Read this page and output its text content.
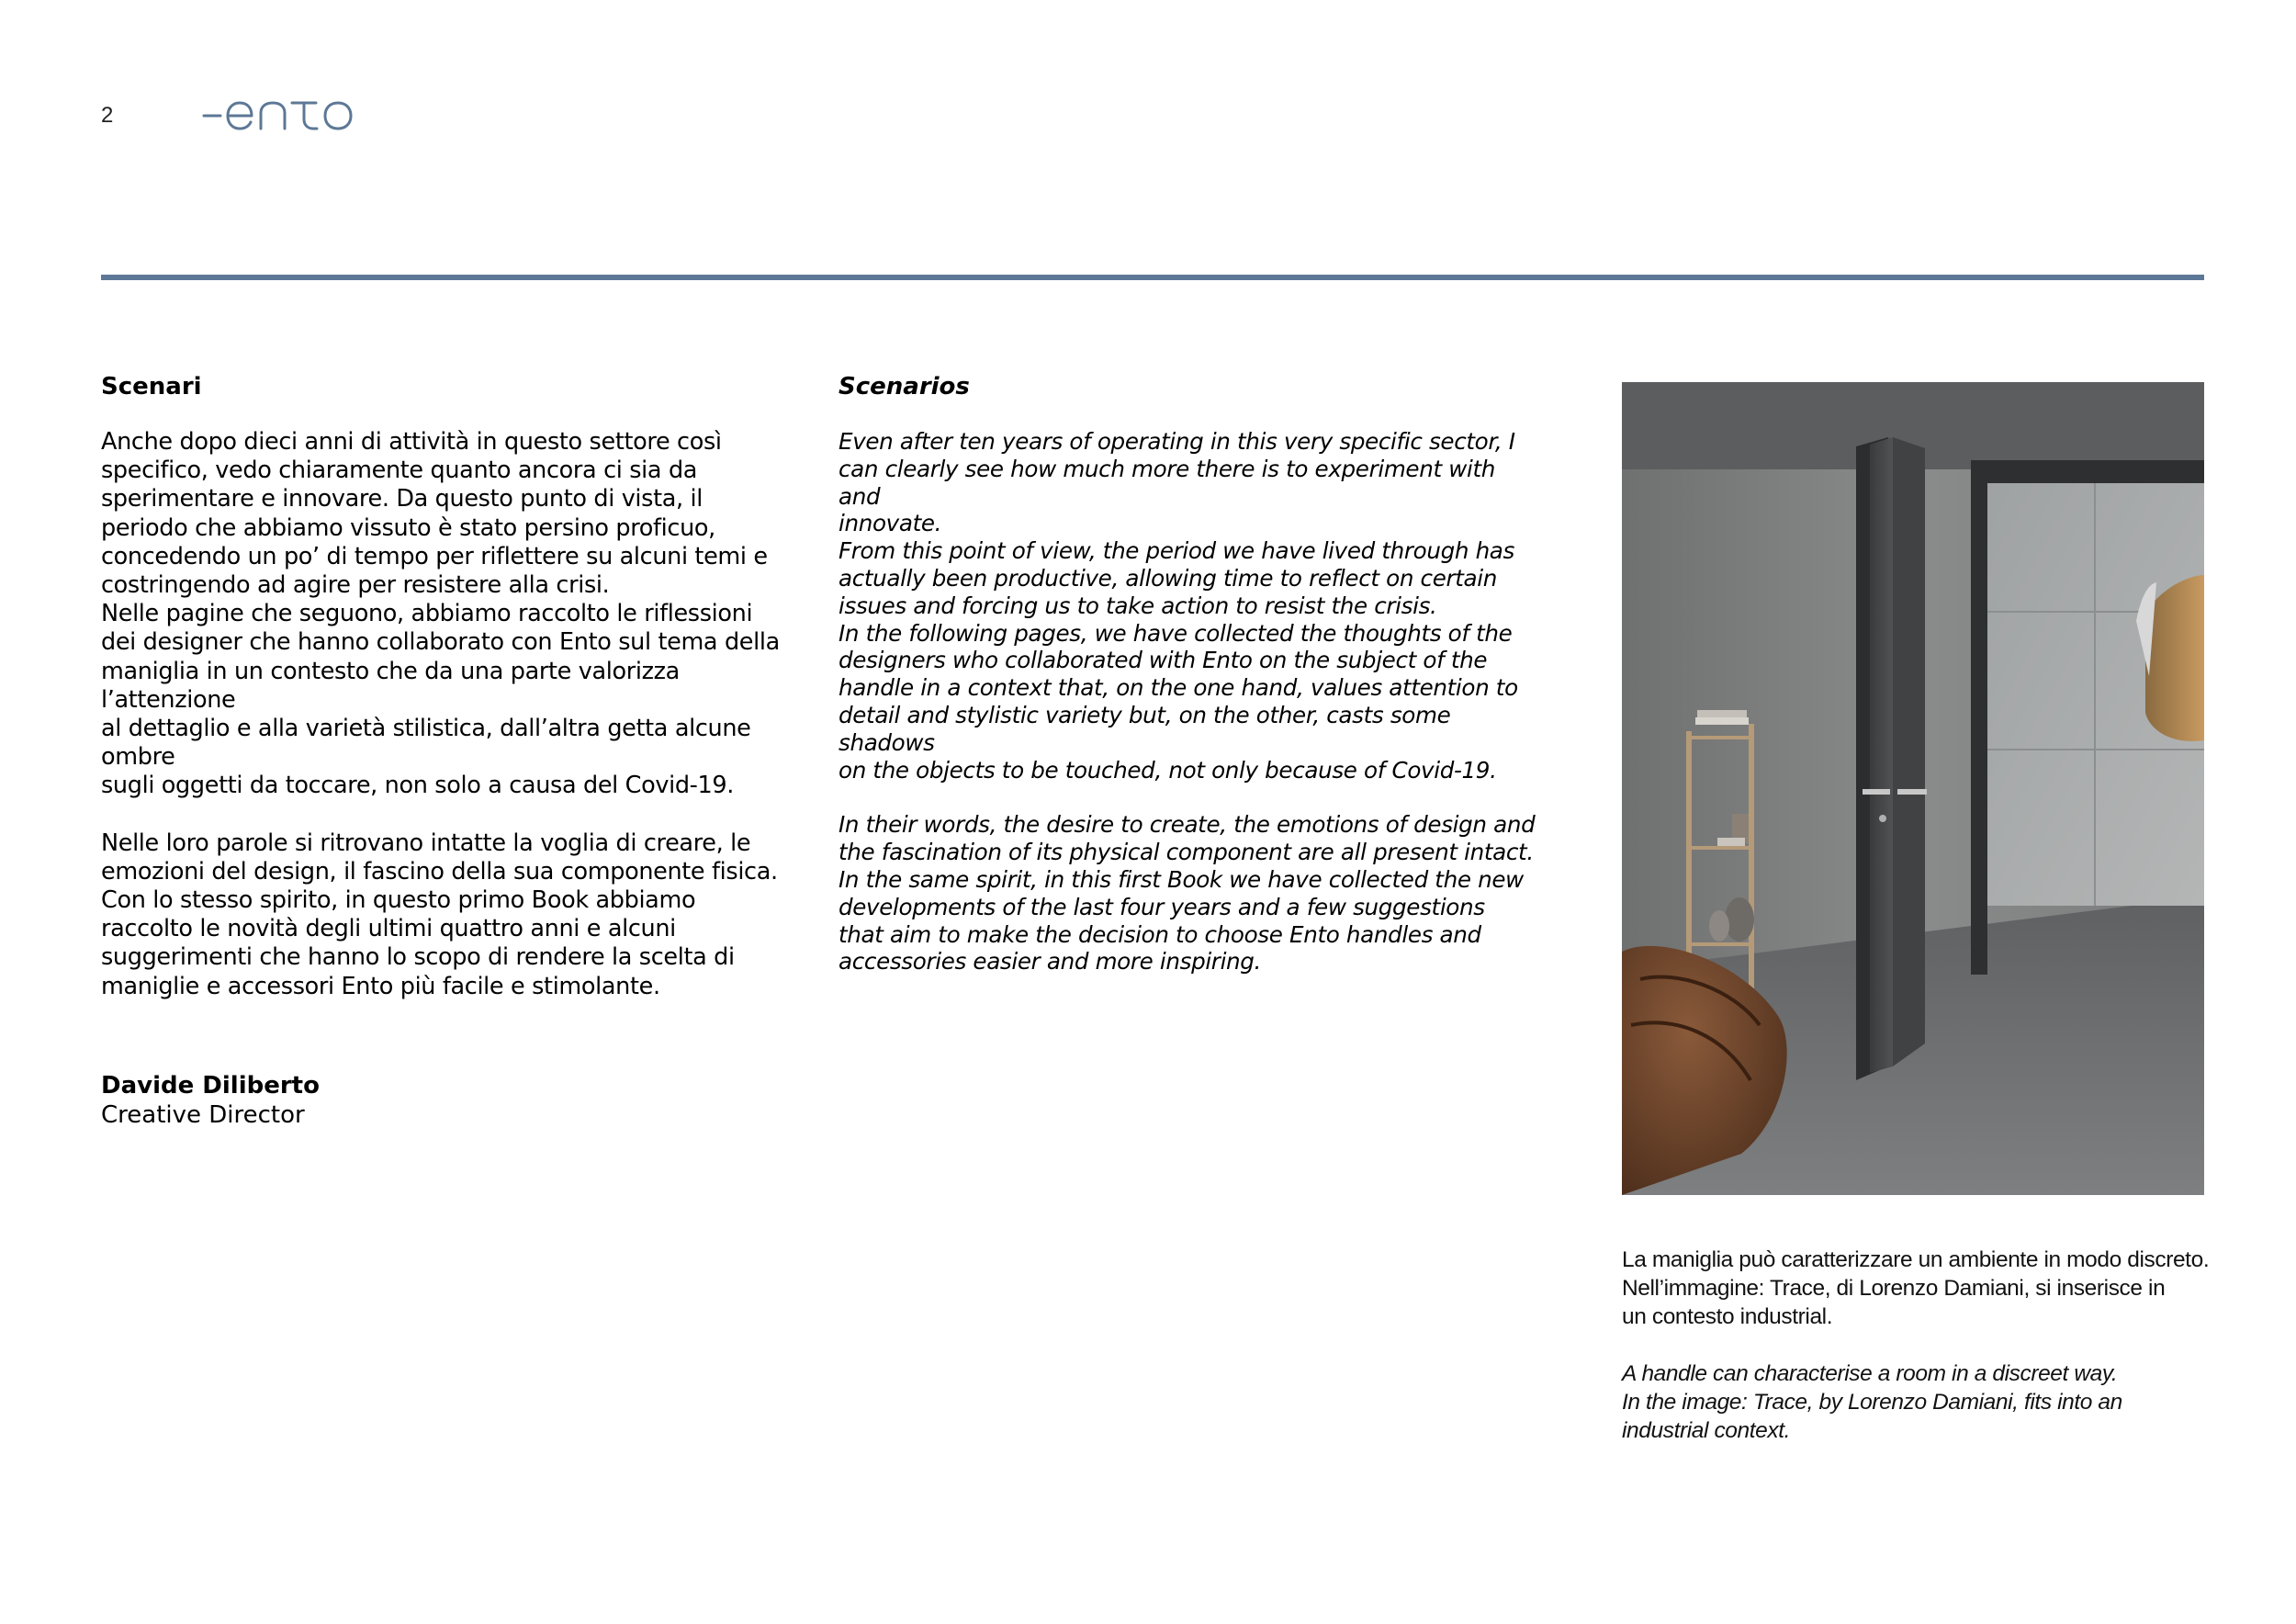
2
Scenari

Anche dopo dieci anni di attività in questo settore così

specifico, vedo chiaramente quanto ancora ci sia da

sperimentare e innovare. Da questo punto di vista, il

periodo che abbiamo vissuto è stato persino proficuo,

concedendo un po’ di tempo per riflettere su alcuni temi e

costringendo ad agire per resistere alla crisi.

Nelle pagine che seguono, abbiamo raccolto le riflessioni

dei designer che hanno collaborato con Ento sul tema della

maniglia in un contesto che da una parte valorizza l’attenzione

al dettaglio e alla varietà stilistica, dall’altra getta alcune ombre

sugli oggetti da toccare, non solo a causa del Covid-19.

Nelle loro parole si ritrovano intatte la voglia di creare, le

emozioni del design, il fascino della sua componente fisica.

Con lo stesso spirito, in questo primo Book abbiamo

raccolto le novità degli ultimi quattro anni e alcuni

suggerimenti che hanno lo scopo di rendere la scelta di

maniglie e accessori Ento più facile e stimolante.

Scenarios

Even after ten years of operating in this very specific sector, I

can clearly see how much more there is to experiment with and

innovate.

From this point of view, the period we have lived through has

actually been productive, allowing time to reflect on certain

issues and forcing us to take action to resist the crisis.

In the following pages, we have collected the thoughts of the

designers who collaborated with Ento on the subject of the

handle in a context that, on the one hand, values attention to

detail and stylistic variety but, on the other, casts some shadows

on the objects to be touched, not only because of Covid-19.

In their words, the desire to create, the emotions of design and

the fascination of its physical component are all present intact.

In the same spirit, in this first Book we have collected the new

developments of the last four years and a few suggestions

that aim to make the decision to choose Ento handles and

accessories easier and more inspiring.

Davide Diliberto
Creative Director

La maniglia può caratterizzare un ambiente in modo discreto.

Nell’immagine: Trace, di Lorenzo Damiani, si inserisce in

un contesto industrial.

A handle can characterise a room in a discreet way.

In the image: Trace, by Lorenzo Damiani, fits into an

industrial context.
